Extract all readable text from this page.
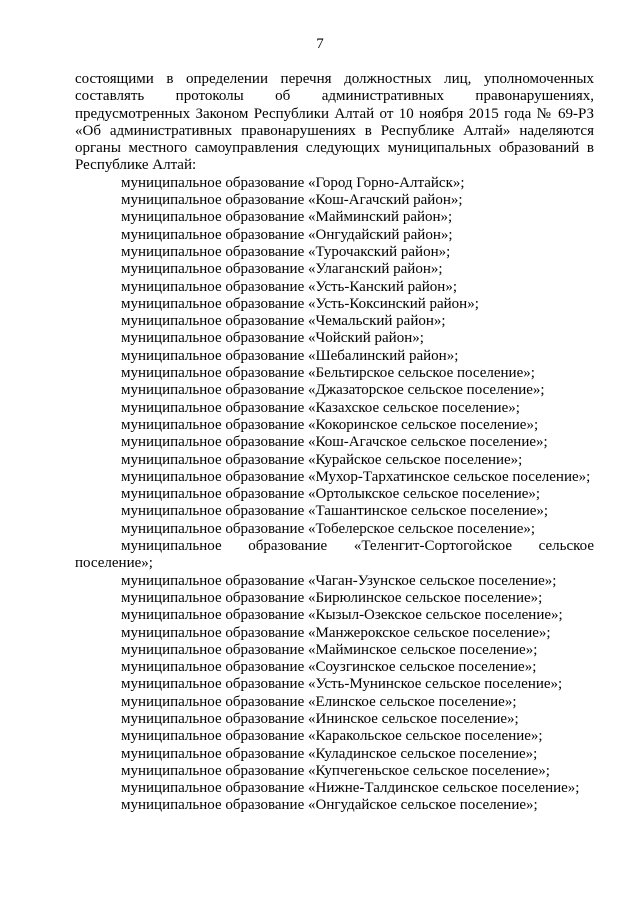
7

состоящими в определении перечня должностных лиц, уполномоченных составлять протоколы об административных правонарушениях, предусмотренных Законом Республики Алтай от 10 ноября 2015 года № 69-РЗ «Об административных правонарушениях в Республике Алтай» наделяются органы местного самоуправления следующих муниципальных образований в Республике Алтай:

муниципальное образование «Город Горно-Алтайск»;
муниципальное образование «Кош-Агачский район»;
муниципальное образование «Майминский район»;
муниципальное образование «Онгудайский район»;
муниципальное образование «Турочакский район»;
муниципальное образование «Улаганский район»;
муниципальное образование «Усть-Канский район»;
муниципальное образование «Усть-Коксинский район»;
муниципальное образование «Чемальский район»;
муниципальное образование «Чойский район»;
муниципальное образование «Шебалинский район»;
муниципальное образование «Бельтирское сельское поселение»;
муниципальное образование «Джазаторское сельское поселение»;
муниципальное образование «Казахское сельское поселение»;
муниципальное образование «Кокоринское сельское поселение»;
муниципальное образование «Кош-Агачское сельское поселение»;
муниципальное образование «Курайское сельское поселение»;
муниципальное образование «Мухор-Тархатинское сельское поселение»;
муниципальное образование «Ортолыкское сельское поселение»;
муниципальное образование «Ташантинское сельское поселение»;
муниципальное образование «Тобелерское сельское поселение»;
муниципальное образование «Теленгит-Сортогойское сельское поселение»;
муниципальное образование «Чаган-Узунское сельское поселение»;
муниципальное образование «Бирюлинское сельское поселение»;
муниципальное образование «Кызыл-Озекское сельское поселение»;
муниципальное образование «Манжерокское сельское поселение»;
муниципальное образование «Майминское сельское поселение»;
муниципальное образование «Соузгинское сельское поселение»;
муниципальное образование «Усть-Мунинское сельское поселение»;
муниципальное образование «Елинское сельское поселение»;
муниципальное образование «Ининское сельское поселение»;
муниципальное образование «Каракольское сельское поселение»;
муниципальное образование «Куладинское сельское поселение»;
муниципальное образование «Купчегеньское сельское поселение»;
муниципальное образование «Нижне-Талдинское сельское поселение»;
муниципальное образование «Онгудайское сельское поселение»;
